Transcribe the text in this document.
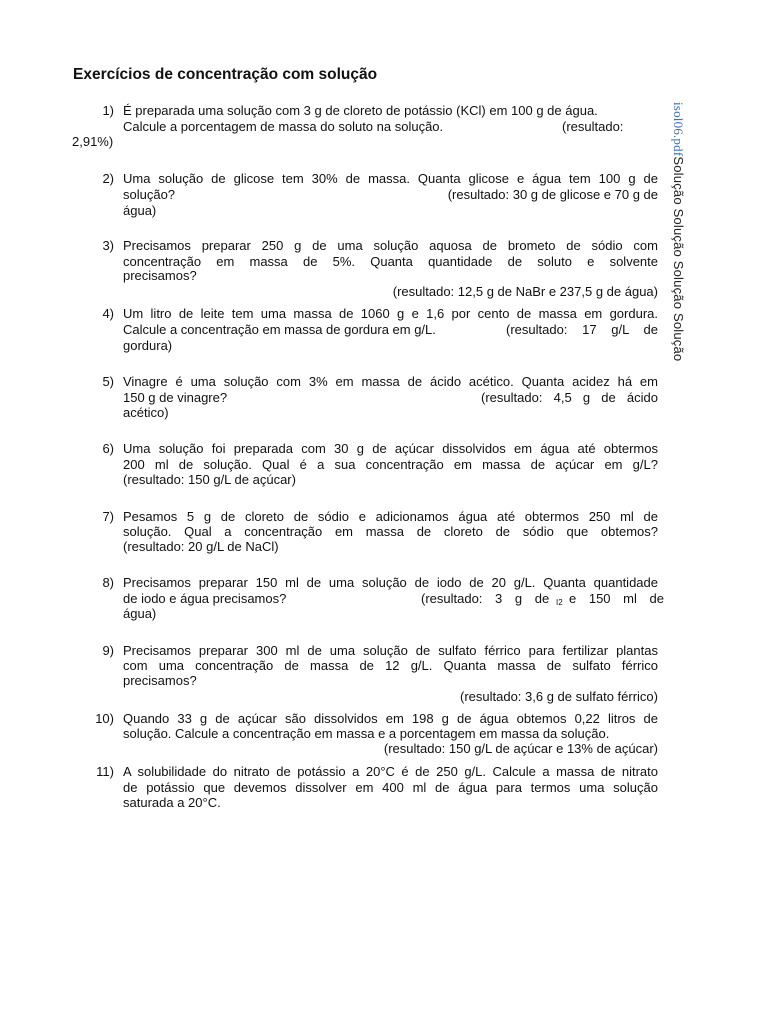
Exercícios de concentração com solução
isol06.pdfSolução Solução Solução Solução
1) É preparada uma solução com 3 g de cloreto de potássio (KCl) em 100 g de água.
Calcule a porcentagem de massa do soluto na solução.	(resultado:
2,91%)
2) Uma solução de glicose tem 30% de massa. Quanta glicose e água tem 100 g de
solução?	(resultado: 30 g de glicose e 70 g de
água)
3) Precisamos preparar 250 g de uma solução aquosa de brometo de sódio com
concentração em massa de 5%. Quanta quantidade de soluto e solvente
precisamos?
(resultado: 12,5 g de NaBr e 237,5 g de água)
4) Um litro de leite tem uma massa de 1060 g e 1,6 por cento de massa em gordura.
Calcule a concentração em massa de gordura em g/L.	(resultado: 17 g/L de
gordura)
5) Vinagre é uma solução com 3% em massa de ácido acético. Quanta acidez há em
150 g de vinagre?	(resultado: 4,5 g de ácido
acético)
6) Uma solução foi preparada com 30 g de açúcar dissolvidos em água até obtermos
200 ml de solução. Qual é a sua concentração em massa de açúcar em g/L?
(resultado: 150 g/L de açúcar)
7) Pesamos 5 g de cloreto de sódio e adicionamos água até obtermos 250 ml de
solução. Qual a concentração em massa de cloreto de sódio que obtemos?
(resultado: 20 g/L de NaCl)
8) Precisamos preparar 150 ml de uma solução de iodo de 20 g/L. Quanta quantidade
de iodo e água precisamos?	(resultado: 3 g de I2 e 150 ml de
água)
9) Precisamos preparar 300 ml de uma solução de sulfato férrico para fertilizar plantas
com uma concentração de massa de 12 g/L. Quanta massa de sulfato férrico
precisamos?
(resultado: 3,6 g de sulfato férrico)
10) Quando 33 g de açúcar são dissolvidos em 198 g de água obtemos 0,22 litros de
solução. Calcule a concentração em massa e a porcentagem em massa da solução.
(resultado: 150 g/L de açúcar e 13% de açúcar)
11) A solubilidade do nitrato de potássio a 20°C é de 250 g/L. Calcule a massa de nitrato
de potássio que devemos dissolver em 400 ml de água para termos uma solução
saturada a 20°C.
